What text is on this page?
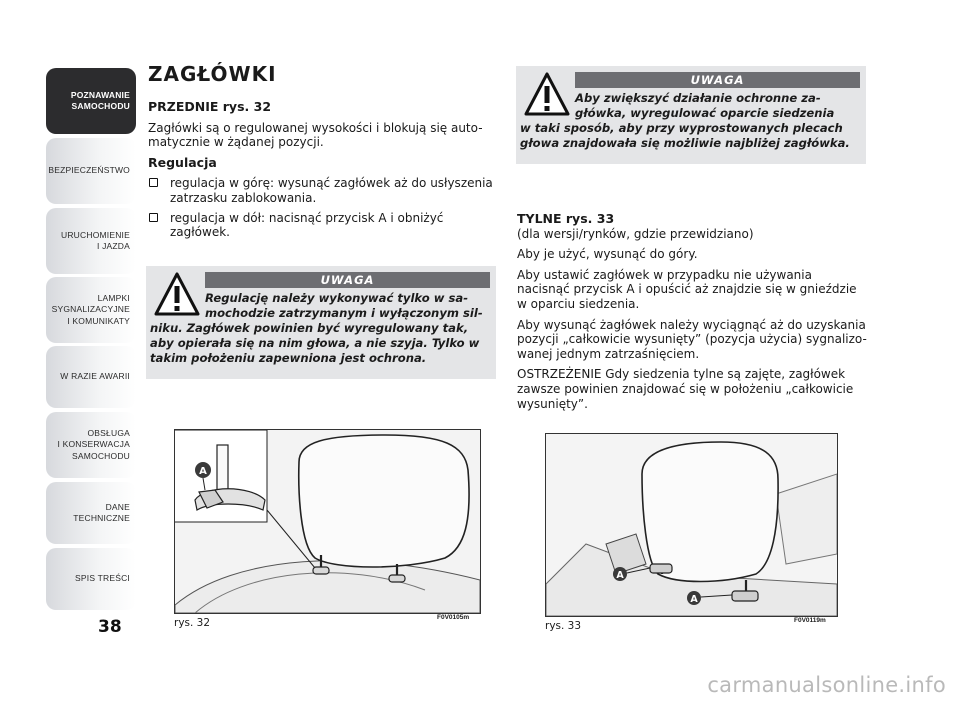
POZNAWANIE
SAMOCHODU
BEZPIECZEŃSTWO
URUCHOMIENIE
I JAZDA
LAMPKI
SYGNALIZACYJNE
I KOMUNIKATY
W RAZIE AWARII
OBSŁUGA
I KONSERWACJA
SAMOCHODU
DANE
TECHNICZNE
SPIS TREŚCI
38
ZAGŁÓWKI

PRZEDNIE rys. 32

Zagłówki są o regulowanej wysokości i blokują się auto-matycznie w żądanej pozycji.

Regulacja

regulacja w górę: wysunąć zagłówek aż do usłyszenia zatrzasku zablokowania.
regulacja w dół: nacisnąć przycisk A i obniżyć zagłówek.
UWAGA
Regulację należy wykonywać tylko w sa-
mochodzie zatrzymanym i wyłączonym sil-
niku. Zagłówek powinien być wyregulowany tak, aby opierała się na nim głowa, a nie szyja. Tylko w takim położeniu zapewniona jest ochrona.
A
rys. 32	F0V0105m
UWAGA
Aby zwiększyć działanie ochronne za-
główka, wyregulować oparcie siedzenia
w taki sposób, aby przy wyprostowanych plecach głowa znajdowała się możliwie najbliżej zagłówka.

TYLNE rys. 33

(dla wersji/rynków, gdzie przewidziano)

Aby je użyć, wysunąć do góry.

Aby ustawić zagłówek w przypadku nie używania nacisnąć przycisk A i opuścić aż znajdzie się w gnieździe w oparciu siedzenia.

Aby wysunąć żagłówek należy wyciągnąć aż do uzyskania pozycji „całkowicie wysunięty” (pozycja użycia) sygnalizo-wanej jednym zatrzaśnięciem.

OSTRZEŻENIE Gdy siedzenia tylne są zajęte, zagłówek zawsze powinien znajdować się w położeniu „całkowicie wysunięty”.

A
A
rys. 33	F0V0119m
carmanualsonline.info
